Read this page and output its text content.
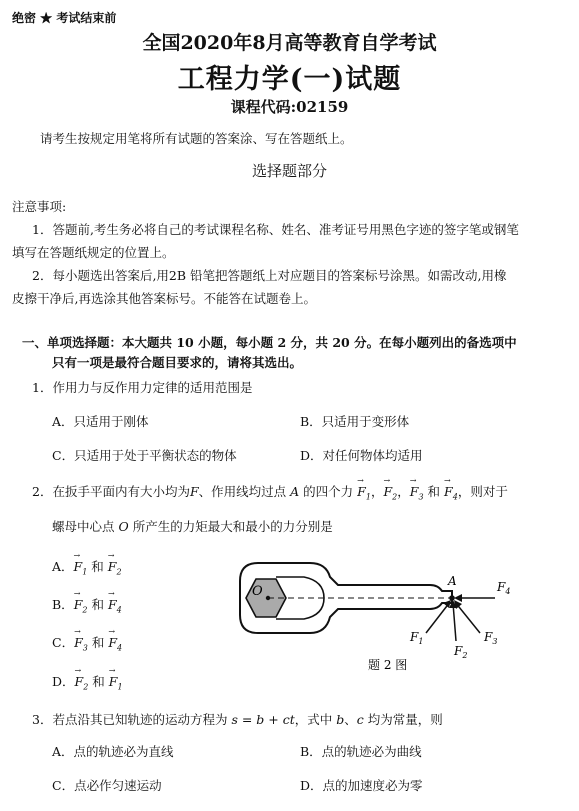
绝密 ★ 考试结束前
全国2020年8月高等教育自学考试
工程力学(一)试题
课程代码:02159
请考生按规定用笔将所有试题的答案涂、写在答题纸上。
选择题部分
注意事项:
1．答题前,考生务必将自己的考试课程名称、姓名、准考证号用黑色字迹的签字笔或钢笔
填写在答题纸规定的位置上。
2．每小题选出答案后,用2B 铅笔把答题纸上对应题目的答案标号涂黑。如需改动,用橡
皮擦干净后,再选涂其他答案标号。不能答在试题卷上。
一、单项选择题：本大题共 10 小题，每小题 2 分，共 20 分。在每小题列出的备选项中
只有一项是最符合题目要求的，请将其选出。
1．作用力与反作用力定律的适用范围是
A．只适用于刚体	B．只适用于变形体
C．只适用于处于平衡状态的物体	D．对任何物体均适用
2．在扳手平面内有大小均为F、作用线均过点 A 的四个力 → $F_1$，→ $F_2$，→ $F_3$ 和 → $F_4$，则对于
螺母中心点 O 所产生的力矩最大和最小的力分别是
A．→ $F_1$ 和 → $F_2$
B．→ $F_2$ 和 → $F_4$
C．→ $F_3$ 和 → $F_4$
D．→ $F_2$ 和 → $F_1$
O
A	$F_4$
$F_1$
$F_2$
$F_3$
题 2 图
3．若点沿其已知轨迹的运动方程为 s = b + ct，式中 b、c 均为常量，则
A．点的轨迹必为直线	B．点的轨迹必为曲线
C．点必作匀速运动	D．点的加速度必为零
